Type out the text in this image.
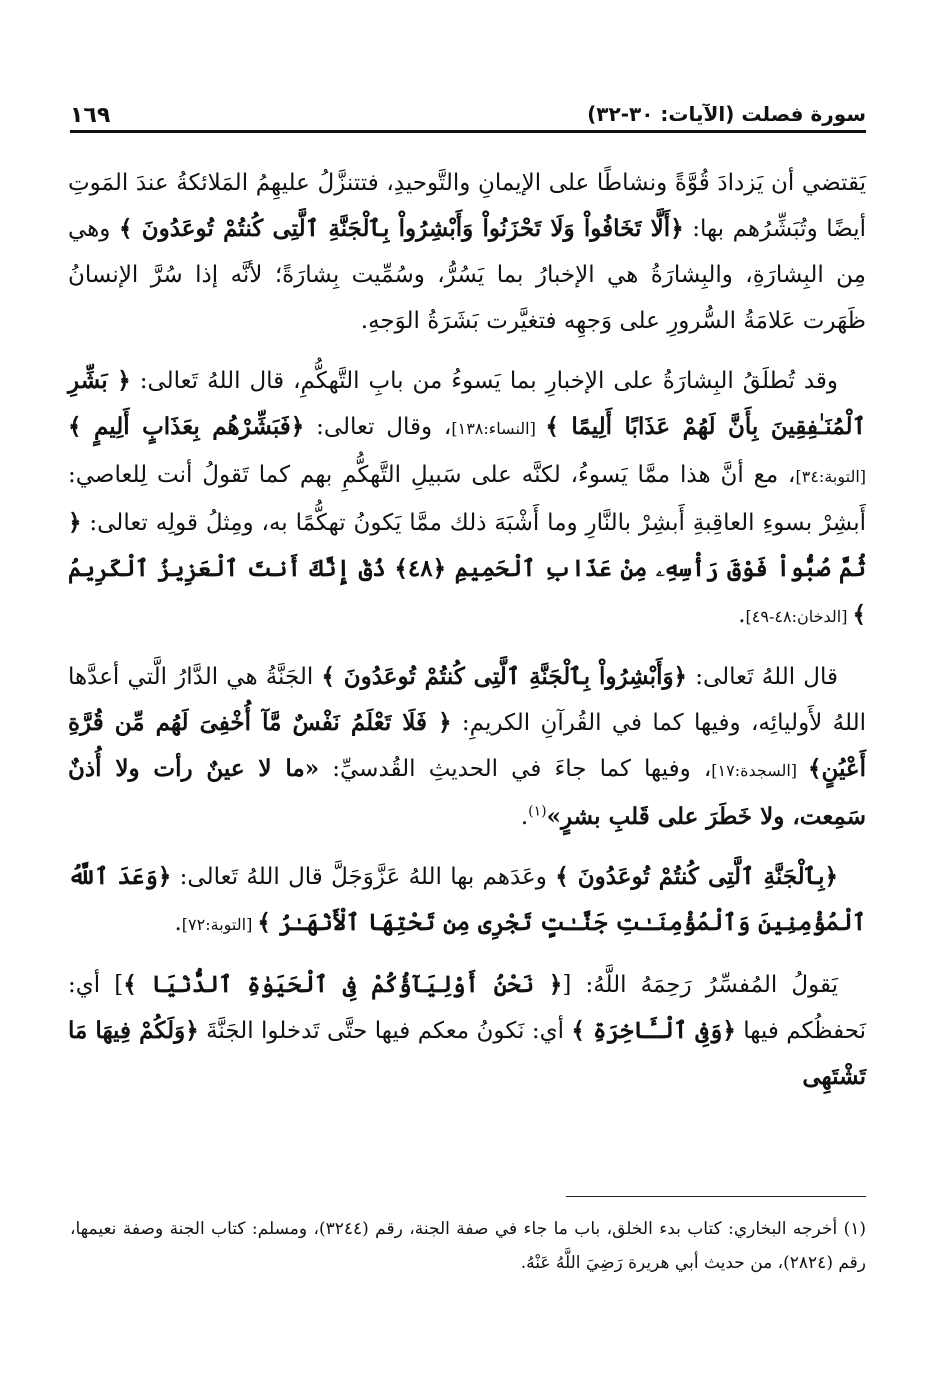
سورة فصلت (الآيات: ٣٠-٣٢)
١٦٩

يَقتضي أن يَزدادَ قُوَّةً ونشاطًا على الإيمانِ والتَّوحيدِ، فتتنزَّلُ عليهِمُ المَلائكةُ عندَ المَوتِ أيضًا وتُبَشِّرُهم بها: ﴿أَلَّا تَخَافُواْ وَلَا تَحْزَنُواْ وَأَبْشِرُواْ بِٱلْجَنَّةِ ٱلَّتِى كُنتُمْ تُوعَدُونَ ﴾ وهي مِن البِشارَةِ، والبِشارَةُ هي الإخبارُ بما يَسُرُّ، وسُمِّيت بِشارَةً؛ لأنَّه إذا سُرَّ الإنسانُ ظَهَرت عَلامَةُ السُّرورِ على وَجهِه فتغيَّرت بَشَرَةُ الوَجهِ.

وقد تُطلَقُ البِشارَةُ على الإخبارِ بما يَسوءُ من بابِ التَّهكُّمِ، قال اللهُ تَعالى: ﴿ بَشِّرِ ٱلْمُنَـٰفِقِينَ بِأَنَّ لَهُمْ عَذَابًا أَلِيمًا ﴾ [النساء:١٣٨]، وقال تعالى: ﴿فَبَشِّرْهُم بِعَذَابٍ أَلِيمٍ ﴾ [التوبة:٣٤]، مع أنَّ هذا ممَّا يَسوءُ، لكنَّه على سَبيلِ التَّهكُّمِ بهم كما تَقولُ أنت لِلعاصي: أَبشِرْ بسوءِ العاقِبةِ أَبشِرْ بالنَّارِ وما أَشْبَهَ ذلك ممَّا يَكونُ تهكُّمًا به، ومِثلُ قولِه تعالى: ﴿ ثُمَّ صُبُّواْ فَوْقَ رَأْسِهِۦ مِنْ عَذَابِ ٱلْحَمِيمِ ﴿٤٨﴾ ذُقْ إِنَّكَ أَنتَ ٱلْعَزِيزُ ٱلْكَرِيمُ ﴾ [الدخان:٤٨-٤٩].

قال اللهُ تَعالى: ﴿وَأَبْشِرُواْ بِٱلْجَنَّةِ ٱلَّتِى كُنتُمْ تُوعَدُونَ ﴾ الجَنَّةُ هي الدَّارُ الَّتي أعدَّها اللهُ لأَوليائِه، وفيها كما في القُرآنِ الكريمِ: ﴿ فَلَا تَعْلَمُ نَفْسٌ مَّآ أُخْفِىَ لَهُم مِّن قُرَّةِ أَعْيُنٍ﴾ [السجدة:١٧]، وفيها كما جاءَ في الحديثِ القُدسيِّ: «ما لا عينٌ رأت ولا أُذنٌ سَمِعت، ولا خَطَرَ على قَلبِ بشرٍ»$^{(١)}$.

﴿بِٱلْجَنَّةِ ٱلَّتِى كُنتُمْ تُوعَدُونَ ﴾ وعَدَهم بها اللهُ عَزَّوَجَلَّ قال اللهُ تَعالى: ﴿وَعَدَ ٱللَّهُ ٱلْمُؤْمِنِينَ وَٱلْمُؤْمِنَـٰتِ جَنَّـٰتٍ تَجْرِى مِن تَحْتِهَا ٱلْأَنْهَـٰرُ ﴾ [التوبة:٧٢].

يَقولُ المُفسِّرُ رَحِمَهُ اللَّهُ: [﴿ نَحْنُ أَوْلِيَآؤُكُمْ فِى ٱلْحَيَوٰةِ ٱلدُّنْيَا ﴾] أي: نَحفظُكم فيها ﴿وَفِى ٱلْـَٔاخِرَةِ ﴾ أي: نَكونُ معكم فيها حتَّى تَدخلوا الجَنَّةَ ﴿وَلَكُمْ فِيهَا مَا تَشْتَهِى

(١) أخرجه البخاري: كتاب بدء الخلق، باب ما جاء في صفة الجنة، رقم (٣٢٤٤)، ومسلم: كتاب الجنة وصفة نعيمها، رقم (٢٨٢٤)، من حديث أبي هريرة رَضِيَ اللَّهُ عَنْهُ.
